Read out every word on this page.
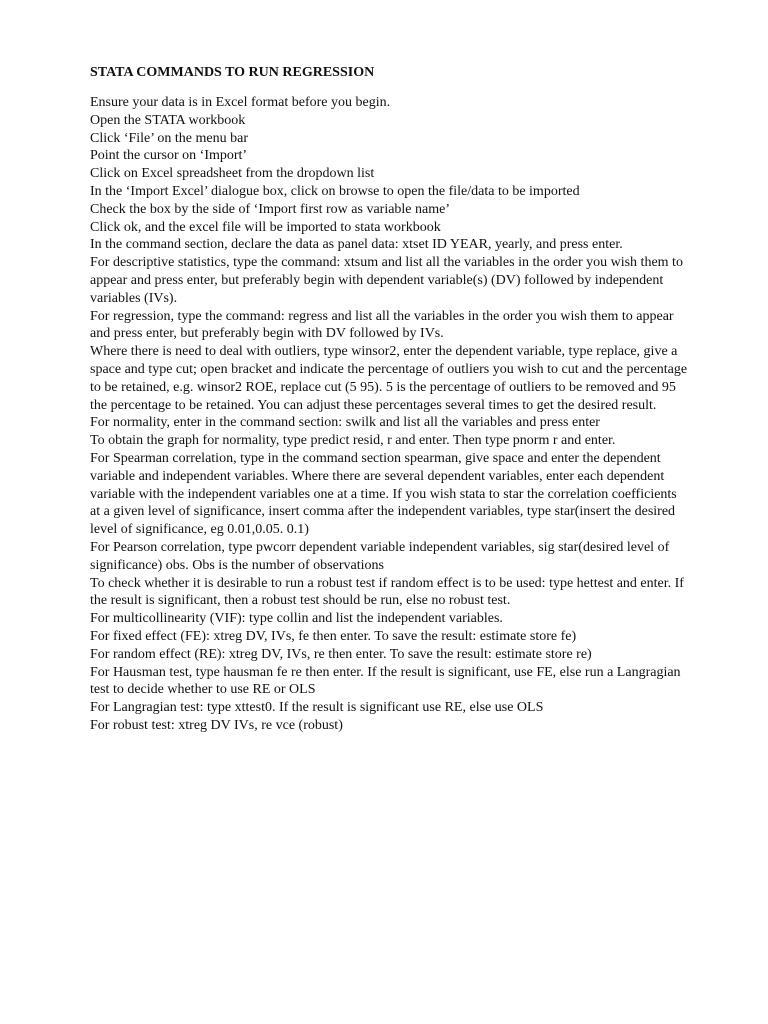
STATA COMMANDS TO RUN REGRESSION

Ensure your data is in Excel format before you begin.

Open the STATA workbook

Click ‘File’ on the menu bar

Point the cursor on ‘Import’

Click on Excel spreadsheet from the dropdown list

In the ‘Import Excel’ dialogue box, click on browse to open the file/data to be imported

Check the box by the side of ‘Import first row as variable name’

Click ok, and the excel file will be imported to stata workbook

In the command section, declare the data as panel data: xtset ID YEAR, yearly, and press enter.

For descriptive statistics, type the command: xtsum and list all the variables in the order you wish them to appear and press enter, but preferably begin with dependent variable(s) (DV) followed by independent variables (IVs).

For regression, type the command: regress and list all the variables in the order you wish them to appear and press enter, but preferably begin with DV followed by IVs.

Where there is need to deal with outliers, type winsor2, enter the dependent variable, type replace, give a space and type cut; open bracket and indicate the percentage of outliers you wish to cut and the percentage to be retained, e.g. winsor2 ROE, replace cut (5 95). 5 is the percentage of outliers to be removed and 95 the percentage to be retained. You can adjust these percentages several times to get the desired result.

For normality, enter in the command section: swilk and list all the variables and press enter

To obtain the graph for normality, type predict resid, r and enter. Then type pnorm r and enter.

For Spearman correlation, type in the command section spearman, give space and enter the dependent variable and independent variables. Where there are several dependent variables, enter each dependent variable with the independent variables one at a time. If you wish stata to star the correlation coefficients at a given level of significance, insert comma after the independent variables, type star(insert the desired level of significance, eg 0.01,0.05. 0.1)

For Pearson correlation, type pwcorr dependent variable independent variables, sig star(desired level of significance) obs. Obs is the number of observations

To check whether it is desirable to run a robust test if random effect is to be used: type hettest and enter. If the result is significant, then a robust test should be run, else no robust test.

For multicollinearity (VIF): type collin and list the independent variables.

For fixed effect (FE): xtreg DV, IVs, fe then enter. To save the result: estimate store fe)

For random effect (RE): xtreg DV, IVs, re then enter. To save the result: estimate store re)

For Hausman test, type hausman fe re then enter. If the result is significant, use FE, else run a Langragian test to decide whether to use RE or OLS

For Langragian test: type xttest0. If the result is significant use RE, else use OLS

For robust test: xtreg DV IVs, re vce (robust)
